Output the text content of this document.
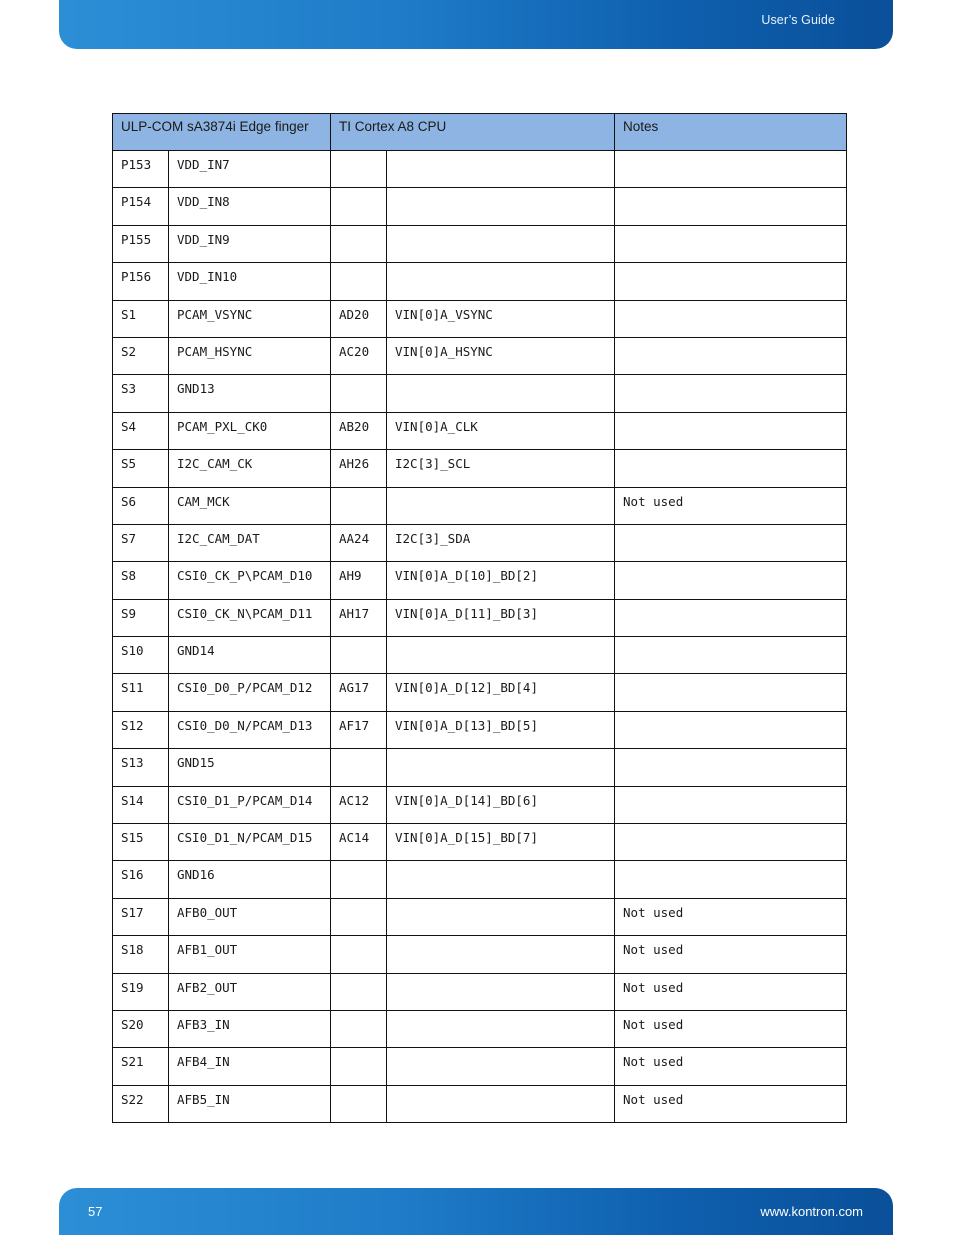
User’s Guide
ULP-COM sA3874i Edge finger		TI Cortex A8 CPU		Notes
P153	VDD_IN7			
P154	VDD_IN8			
P155	VDD_IN9			
P156	VDD_IN10			
S1	PCAM_VSYNC	AD20	VIN[0]A_VSYNC	
S2	PCAM_HSYNC	AC20	VIN[0]A_HSYNC	
S3	GND13			
S4	PCAM_PXL_CK0	AB20	VIN[0]A_CLK	
S5	I2C_CAM_CK	AH26	I2C[3]_SCL	
S6	CAM_MCK			Not used
S7	I2C_CAM_DAT	AA24	I2C[3]_SDA	
S8	CSI0_CK_P\PCAM_D10	AH9	VIN[0]A_D[10]_BD[2]	
S9	CSI0_CK_N\PCAM_D11	AH17	VIN[0]A_D[11]_BD[3]	
S10	GND14			
S11	CSI0_D0_P/PCAM_D12	AG17	VIN[0]A_D[12]_BD[4]	
S12	CSI0_D0_N/PCAM_D13	AF17	VIN[0]A_D[13]_BD[5]	
S13	GND15			
S14	CSI0_D1_P/PCAM_D14	AC12	VIN[0]A_D[14]_BD[6]	
S15	CSI0_D1_N/PCAM_D15	AC14	VIN[0]A_D[15]_BD[7]	
S16	GND16			
S17	AFB0_OUT			Not used
S18	AFB1_OUT			Not used
S19	AFB2_OUT			Not used
S20	AFB3_IN			Not used
S21	AFB4_IN			Not used
S22	AFB5_IN			Not used
57	www.kontron.com
